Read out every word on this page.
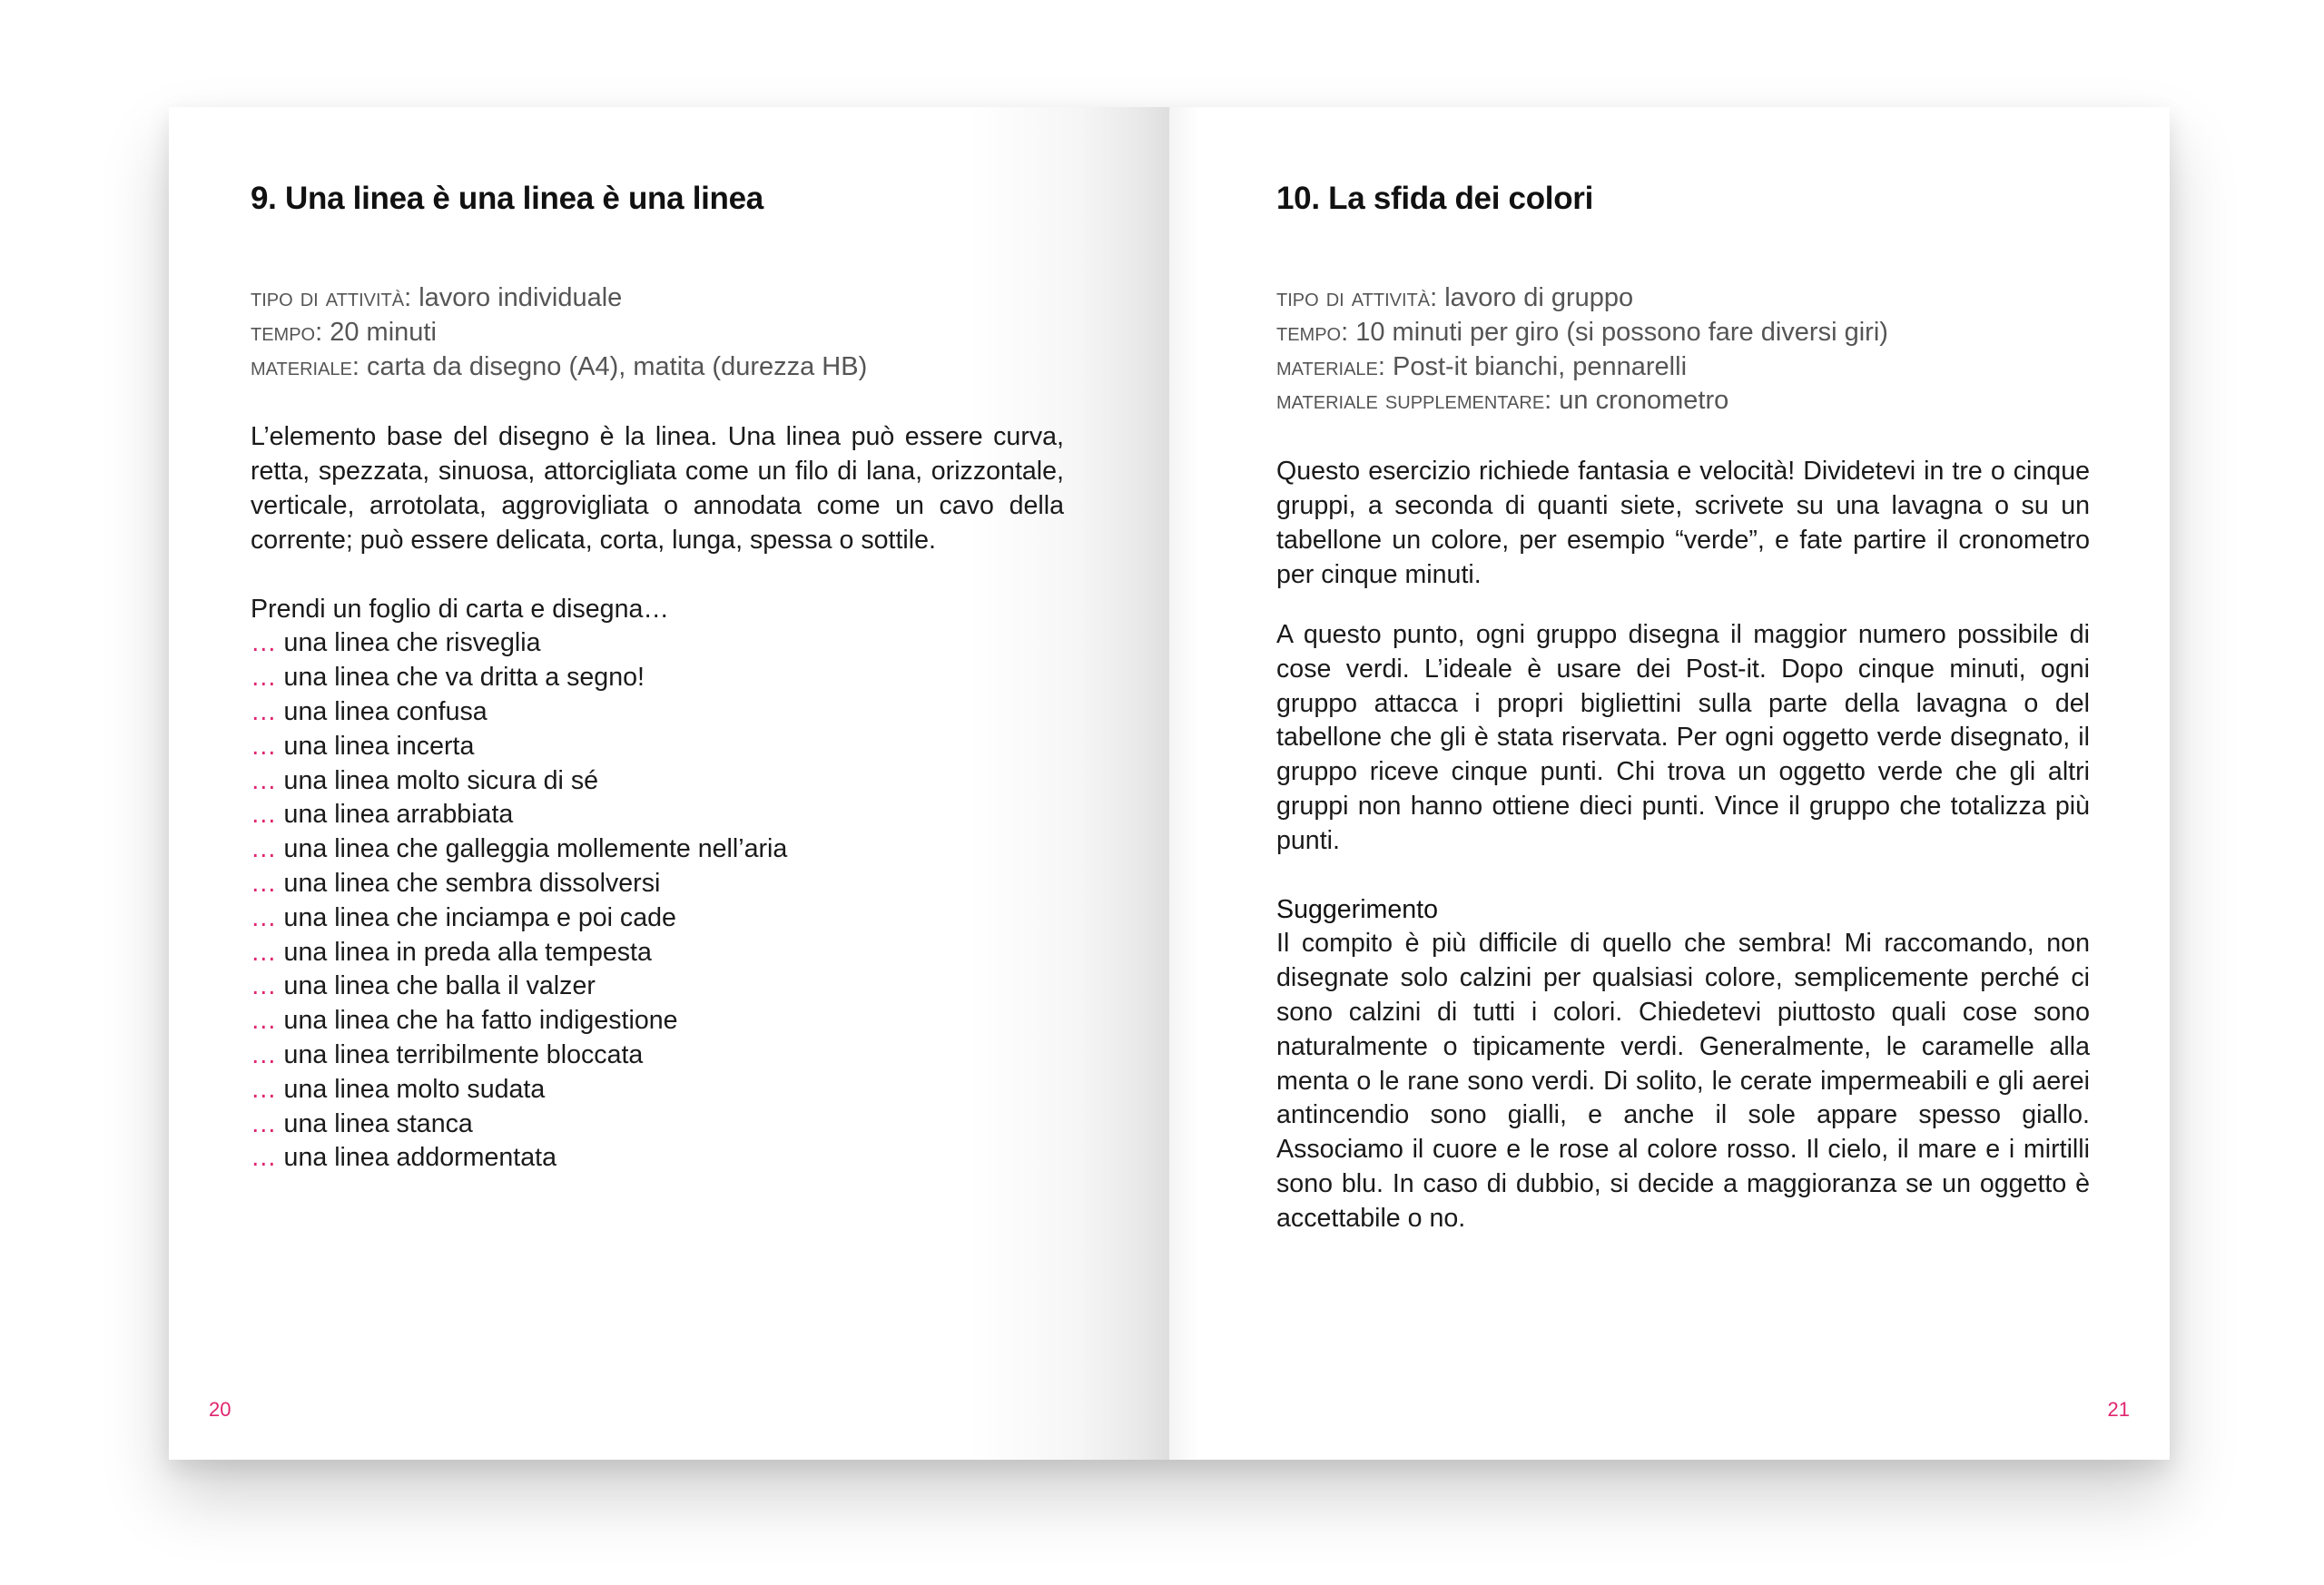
9. Una linea è una linea è una linea
tipo di attività: lavoro individuale
tempo: 20 minuti
materiale: carta da disegno (A4), matita (durezza HB)

L’elemento base del disegno è la linea. Una linea può essere curva, retta, spezzata, sinuosa, attorcigliata come un filo di lana, orizzontale, verticale, arrotolata, aggrovigliata o annodata come un cavo della corrente; può essere delicata, corta, lunga, spessa o sottile.

Prendi un foglio di carta e disegna…
… una linea che risveglia
… una linea che va dritta a segno!
… una linea confusa
… una linea incerta
… una linea molto sicura di sé
… una linea arrabbiata
… una linea che galleggia mollemente nell’aria
… una linea che sembra dissolversi
… una linea che inciampa e poi cade
… una linea in preda alla tempesta
… una linea che balla il valzer
… una linea che ha fatto indigestione
… una linea terribilmente bloccata
… una linea molto sudata
… una linea stanca
… una linea addormentata
20
10. La sfida dei colori
tipo di attività: lavoro di gruppo
tempo: 10 minuti per giro (si possono fare diversi giri)
materiale: Post-it bianchi, pennarelli
materiale supplementare: un cronometro

Questo esercizio richiede fantasia e velocità! Dividetevi in tre o cinque gruppi, a seconda di quanti siete, scrivete su una lavagna o su un tabellone un colore, per esempio “verde”, e fate partire il cronometro per cinque minuti.

A questo punto, ogni gruppo disegna il maggior numero possibile di cose verdi. L’ideale è usare dei Post-it. Dopo cinque minuti, ogni gruppo attacca i propri bigliettini sulla parte della lavagna o del tabellone che gli è stata riservata. Per ogni oggetto verde disegnato, il gruppo riceve cinque punti. Chi trova un oggetto verde che gli altri gruppi non hanno ottiene dieci punti. Vince il gruppo che totalizza più punti.

Suggerimento

Il compito è più difficile di quello che sembra! Mi raccomando, non disegnate solo calzini per qualsiasi colore, semplicemente perché ci sono calzini di tutti i colori. Chiedetevi piuttosto quali cose sono naturalmente o tipicamente verdi. Generalmente, le caramelle alla menta o le rane sono verdi. Di solito, le cerate impermeabili e gli aerei antincendio sono gialli, e anche il sole appare spesso giallo. Associamo il cuore e le rose al colore rosso. Il cielo, il mare e i mirtilli sono blu. In caso di dubbio, si decide a maggioranza se un oggetto è accettabile o no.

21
